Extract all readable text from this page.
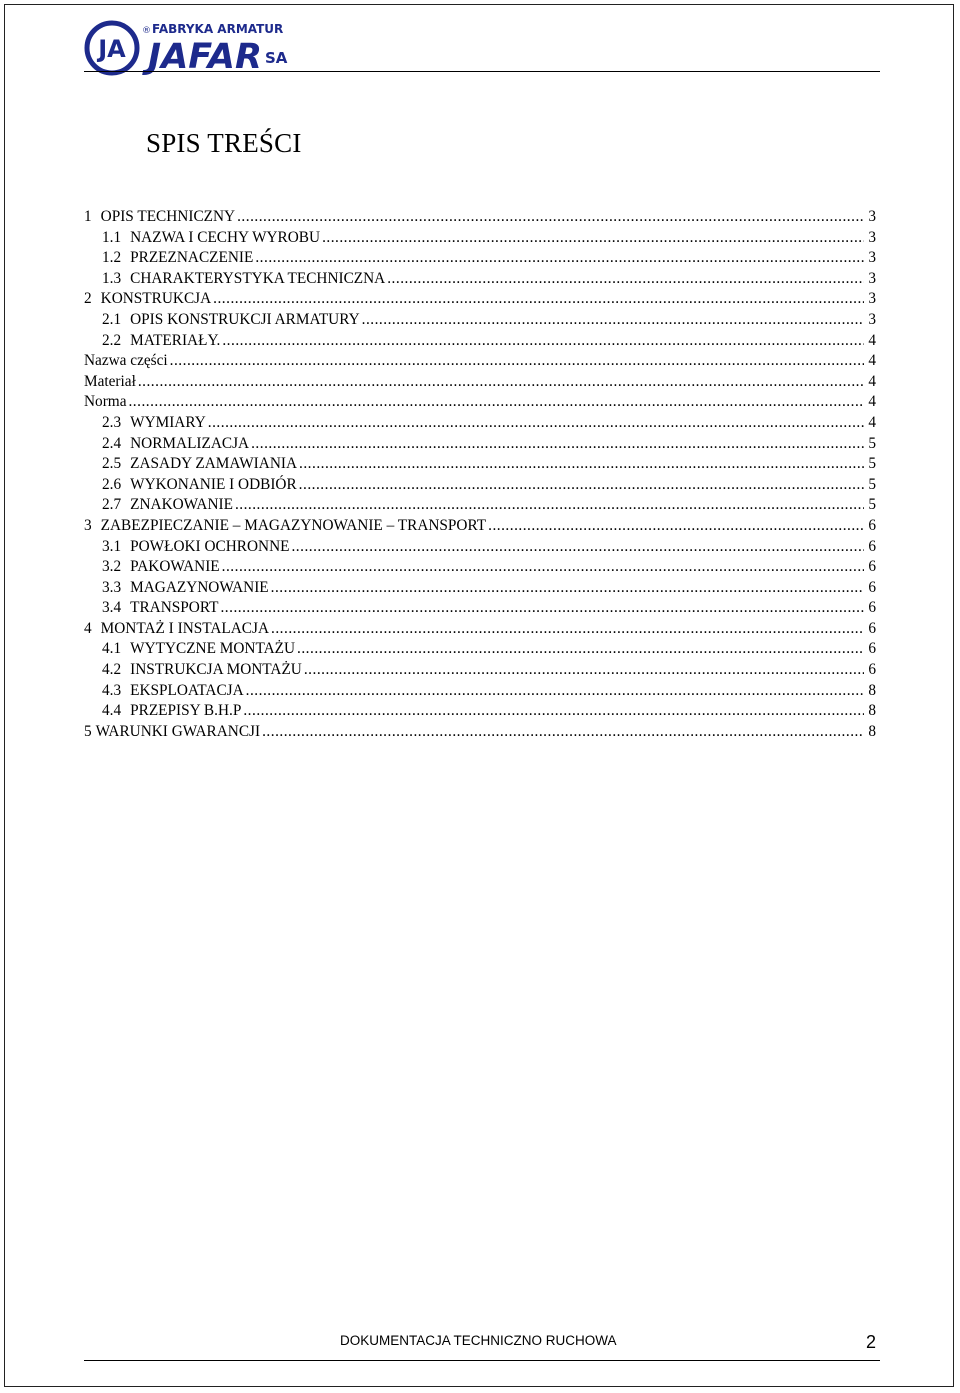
JA
® FABRYKA ARMATUR
JAFAR SA
SPIS TREŚCI
1 OPIS TECHNICZNY .....	3
1.1 NAZWA I CECHY WYROBU .....	3
1.2 PRZEZNACZENIE .....	3
1.3 CHARAKTERYSTYKA TECHNICZNA .....	3
2 KONSTRUKCJA .....	3
2.1 OPIS KONSTRUKCJI ARMATURY .....	3
2.2 MATERIAŁY. .....	4
Nazwa części .....	4
Materiał .....	4
Norma .....	4
2.3 WYMIARY .....	4
2.4 NORMALIZACJA .....	5
2.5 ZASADY ZAMAWIANIA .....	5
2.6 WYKONANIE I ODBIÓR .....	5
2.7 ZNAKOWANIE .....	5
3 ZABEZPIECZANIE – MAGAZYNOWANIE – TRANSPORT .....	6
3.1 POWŁOKI OCHRONNE .....	6
3.2 PAKOWANIE .....	6
3.3 MAGAZYNOWANIE .....	6
3.4 TRANSPORT .....	6
4 MONTAŻ I INSTALACJA .....	6
4.1 WYTYCZNE MONTAŻU .....	6
4.2 INSTRUKCJA MONTAŻU .....	6
4.3 EKSPLOATACJA .....	8
4.4 PRZEPISY B.H.P .....	8
5 WARUNKI GWARANCJI .....	8
DOKUMENTACJA TECHNICZNO RUCHOWA	2
